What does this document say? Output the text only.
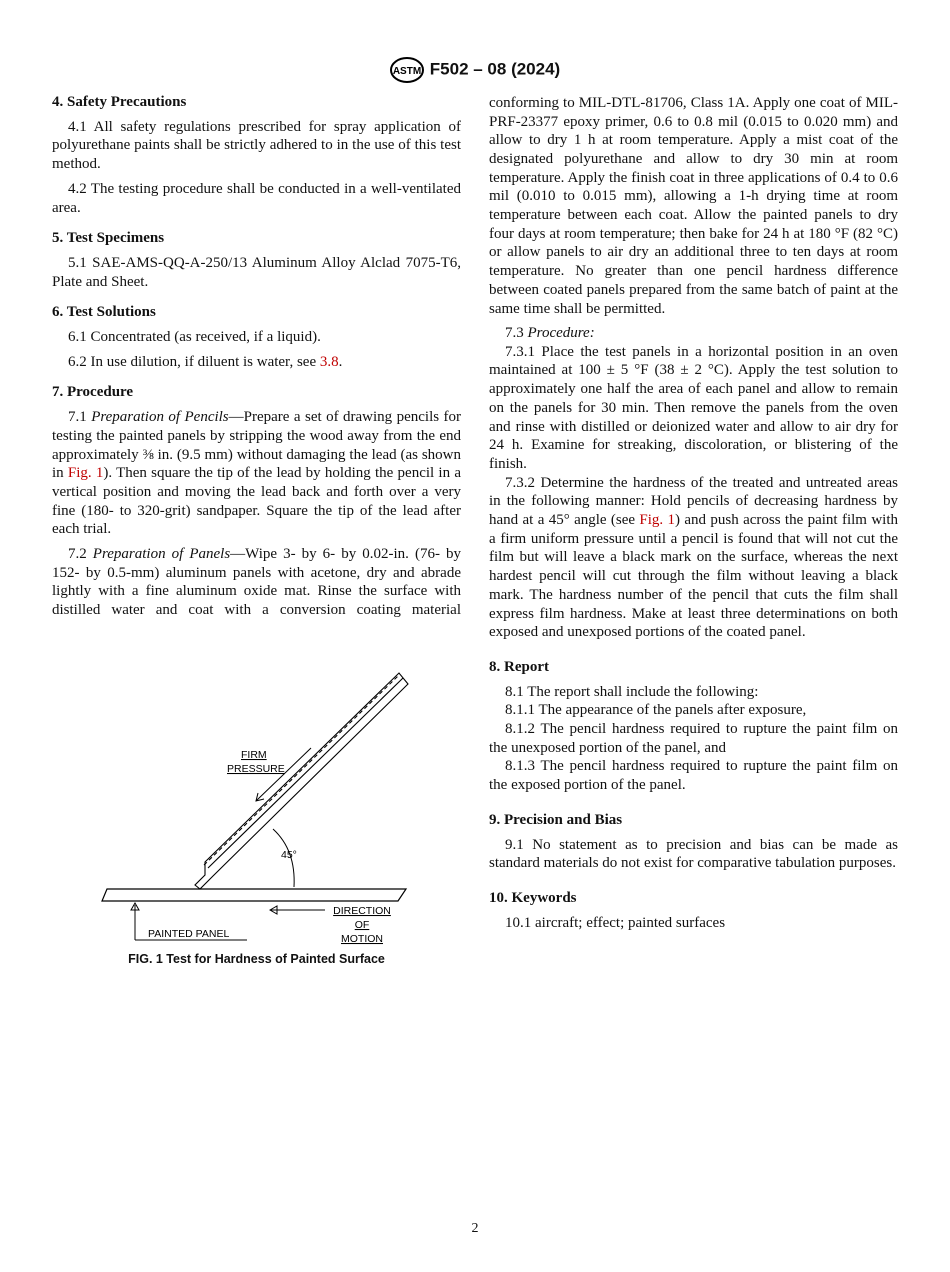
ASTM F502 – 08 (2024)
4. Safety Precautions

4.1 All safety regulations prescribed for spray application of polyurethane paints shall be strictly adhered to in the use of this test method.

4.2 The testing procedure shall be conducted in a well-ventilated area.

5. Test Specimens

5.1 SAE-AMS-QQ-A-250/13 Aluminum Alloy Alclad 7075-T6, Plate and Sheet.

6. Test Solutions

6.1 Concentrated (as received, if a liquid).

6.2 In use dilution, if diluent is water, see 3.8.

7. Procedure

7.1 Preparation of Pencils—Prepare a set of drawing pencils for testing the painted panels by stripping the wood away from the end approximately ⅜ in. (9.5 mm) without damaging the lead (as shown in Fig. 1). Then square the tip of the lead by holding the pencil in a vertical position and moving the lead back and forth over a very fine (180- to 320-grit) sandpaper. Square the tip of the lead after each trial.

7.2 Preparation of Panels—Wipe 3- by 6- by 0.02-in. (76- by 152- by 0.5-mm) aluminum panels with acetone, dry and abrade lightly with a fine aluminum oxide mat. Rinse the surface with distilled water and coat with a conversion coating material

conforming to MIL-DTL-81706, Class 1A. Apply one coat of MIL-PRF-23377 epoxy primer, 0.6 to 0.8 mil (0.015 to 0.020 mm) and allow to dry 1 h at room temperature. Apply a mist coat of the designated polyurethane and allow to dry 30 min at room temperature. Apply the finish coat in three applications of 0.4 to 0.6 mil (0.010 to 0.015 mm), allowing a 1-h drying time at room temperature between each coat. Allow the painted panels to dry four days at room temperature; then bake for 24 h at 180 °F (82 °C) or allow panels to air dry an additional three to ten days at room temperature. No greater than one pencil hardness difference between coated panels prepared from the same batch of paint at the same time shall be permitted.

7.3 Procedure:

7.3.1 Place the test panels in a horizontal position in an oven maintained at 100 ± 5 °F (38 ± 2 °C). Apply the test solution to approximately one half the area of each panel and allow to remain on the panels for 30 min. Then remove the panels from the oven and rinse with distilled or deionized water and allow to air dry for 24 h. Examine for streaking, discoloration, or blistering of the finish.

7.3.2 Determine the hardness of the treated and untreated areas in the following manner: Hold pencils of decreasing hardness by hand at a 45° angle (see Fig. 1) and push across the paint film with a firm uniform pressure until a pencil is found that will not cut the film but will leave a black mark on the surface, whereas the next hardest pencil will cut through the film without leaving a black mark. The hardness number of the pencil that cuts the film shall express film hardness. Make at least three determinations on both exposed and unexposed portions of the coated panel.

8. Report

8.1 The report shall include the following:

8.1.1 The appearance of the panels after exposure,

8.1.2 The pencil hardness required to rupture the paint film on the unexposed portion of the panel, and

8.1.3 The pencil hardness required to rupture the paint film on the exposed portion of the panel.

9. Precision and Bias

9.1 No statement as to precision and bias can be made as standard materials do not exist for comparative tabulation purposes.

10. Keywords

10.1 aircraft; effect; painted surfaces

FIRM
PRESSURE
45°
PAINTED PANEL
DIRECTION
OF
MOTION
FIG. 1 Test for Hardness of Painted Surface
2
